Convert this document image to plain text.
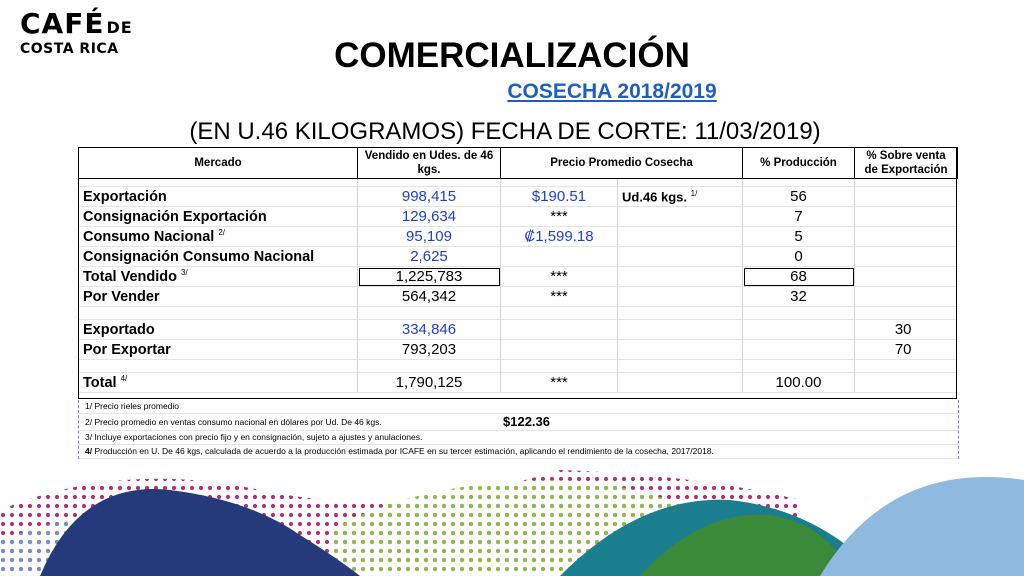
CAFÉ DE
COSTA RICA	COMERCIALIZACIÓN
COSECHA 2018/2019
(EN U.46 KILOGRAMOS) FECHA DE CORTE: 11/03/2019)
Mercado	Vendido en Udes. de 46 kgs.	Precio Promedio Cosecha		% Producción	% Sobre venta de Exportación

Exportación	998,415	$190.51	Ud.46 kgs. $^{1/}$	56	
Consignación Exportación	129,634	***		7	
Consumo Nacional $^{2/}$	95,109	₡1,599.18		5	
Consignación Consumo Nacional	2,625			0	
Total Vendido $^{3/}$	1,225,783	***		68	
Por Vender	564,342	***		32	

Exportado	334,846				30
Por Exportar	793,203				70

Total $^{4/}$	1,790,125	***		100.00	
1/ Precio rieles promedio
2/ Precio promedio en ventas consumo nacional en dólares por Ud. De 46 kgs.	$122.36
3/ Incluye exportaciones con precio fijo y en consignación, sujeto a ajustes y anulaciones.
4/ Producción en U. De 46 kgs, calculada de acuerdo a la producción estimada por ICAFE en su tercer estimación, aplicando el rendimiento de la cosecha, 2017/2018.
